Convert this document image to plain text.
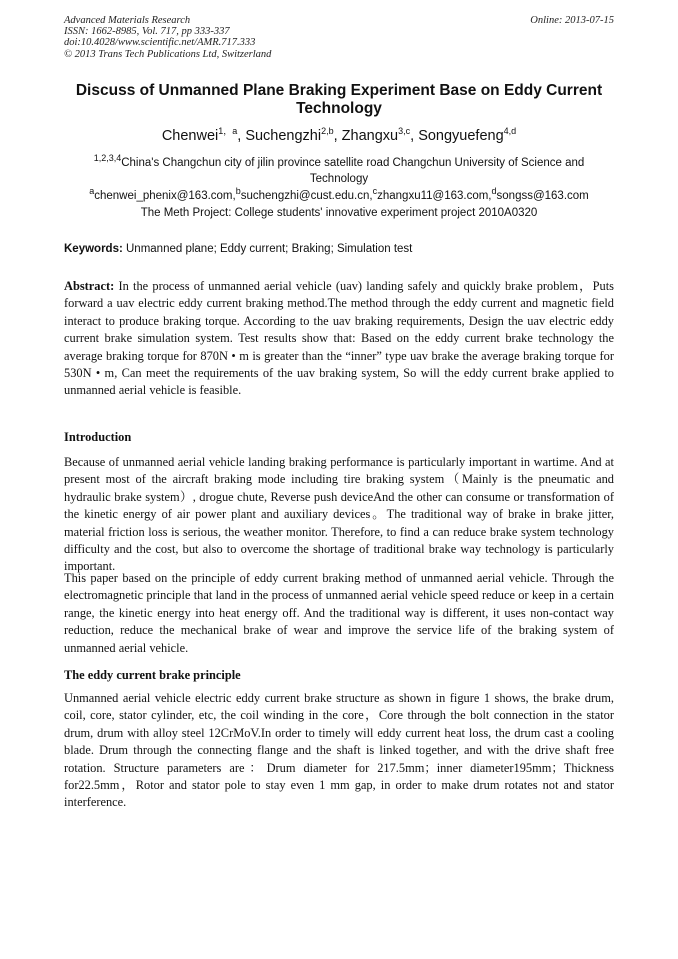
Advanced Materials Research
ISSN: 1662-8985, Vol. 717, pp 333-337
doi:10.4028/www.scientific.net/AMR.717.333
© 2013 Trans Tech Publications Ltd, Switzerland
Online: 2013-07-15
Discuss of Unmanned Plane Braking Experiment Base on Eddy Current Technology
Chenwei$^{1,a}$, Suchengzhi$^{2,b}$, Zhangxu$^{3,c}$, Songyuefeng$^{4,d}$
$^{1,2,3,4}$China's Changchun city of jilin province satellite road Changchun University of Science and Technology
$^a$chenwei_phenix@163.com,$^b$suchengzhi@cust.edu.cn,$^c$zhangxu11@163.com,$^d$songss@163.com
The Meth Project: College students' innovative experiment project 2010A0320
Keywords: Unmanned plane; Eddy current; Braking; Simulation test
Abstract: In the process of unmanned aerial vehicle (uav) landing safely and quickly brake problem，Puts forward a uav electric eddy current braking method.The method through the eddy current and magnetic field interact to produce braking torque. According to the uav braking requirements, Design the uav electric eddy current brake simulation system. Test results show that: Based on the eddy current brake technology the average braking torque for 870N • m is greater than the “inner” type uav brake the average braking torque for 530N • m, Can meet the requirements of the uav braking system, So will the eddy current brake applied to unmanned aerial vehicle is feasible.
Introduction
Because of unmanned aerial vehicle landing braking performance is particularly important in wartime. And at present most of the aircraft braking mode including tire braking system（Mainly is the pneumatic and hydraulic brake system）, drogue chute, Reverse push deviceAnd the other can consume or transformation of the kinetic energy of air power plant and auxiliary devices。The traditional way of brake in brake jitter, material friction loss is serious, the weather monitor. Therefore, to find a can reduce brake system technology difficulty and the cost, but also to overcome the shortage of traditional brake way technology is particularly important.
This paper based on the principle of eddy current braking method of unmanned aerial vehicle. Through the electromagnetic principle that land in the process of unmanned aerial vehicle speed reduce or keep in a certain range, the kinetic energy into heat energy off. And the traditional way is different, it uses non-contact way reduction, reduce the mechanical brake of wear and improve the service life of the braking system of unmanned aerial vehicle.
The eddy current brake principle
Unmanned aerial vehicle electric eddy current brake structure as shown in figure 1 shows, the brake drum, coil, core, stator cylinder, etc, the coil winding in the core，Core through the bolt connection in the stator drum, drum with alloy steel 12CrMoV.In order to timely will eddy current heat loss, the drum cast a cooling blade. Drum through the connecting flange and the shaft is linked together, and with the drive shaft free rotation. Structure parameters are：Drum diameter for 217.5mm；inner diameter195mm；Thickness for22.5mm，Rotor and stator pole to stay even 1 mm gap, in order to make drum rotates not and stator interference.
